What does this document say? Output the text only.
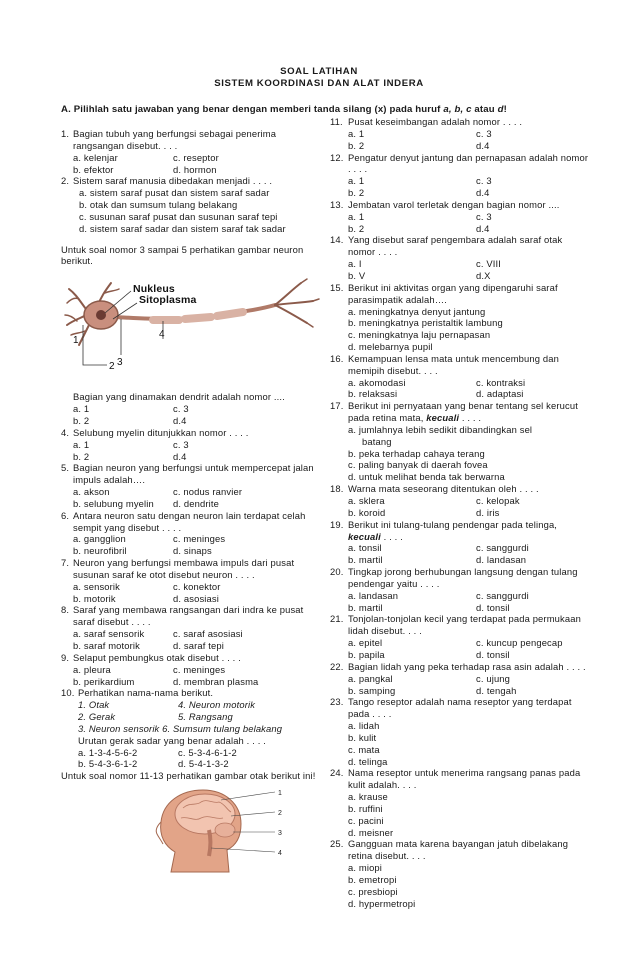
SOAL LATIHAN
SISTEM KOORDINASI DAN ALAT INDERA
A. Pilihlah satu jawaban yang benar dengan memberi tanda silang (x) pada huruf a, b, c atau d!
1. Bagian tubuh yang berfungsi sebagai penerima rangsangan disebut. . . .
a. kelenjar	c. reseptor
b. efektor	d. hormon
2. Sistem saraf manusia dibedakan menjadi . . . .
a. sistem saraf pusat dan sistem saraf sadar
b. otak dan sumsum tulang belakang
c. susunan saraf pusat dan susunan saraf tepi
d. sistem saraf sadar dan sistem saraf tak sadar
Untuk soal nomor 3 sampai 5 perhatikan gambar neuron berikut.
Nukleus
Sitoplasma
4
3
2
1
Bagian yang dinamakan dendrit adalah nomor ....
a. 1	c. 3
b. 2	d.4
4. Selubung myelin ditunjukkan nomor . . . .
a. 1	c. 3
b. 2	d.4
5. Bagian neuron yang berfungsi untuk mempercepat jalan impuls adalah….
a. akson	c. nodus ranvier
b. selubung myelin	d. dendrite
6. Antara neuron satu dengan neuron lain terdapat celah sempit yang disebut . . . .
a. gangglion	c. meninges
b. neurofibril	d. sinaps
7. Neuron yang berfungsi membawa impuls dari pusat susunan saraf ke otot disebut neuron . . . .
a. sensorik	c. konektor
b. motorik	d. asosiasi
8. Saraf yang membawa rangsangan dari indra ke pusat saraf disebut . . . .
a. saraf sensorik	c. saraf asosiasi
b. saraf motorik	d. saraf tepi
9. Selaput pembungkus otak disebut . . . .
a. pleura	c. meninges
b. perikardium	d. membran plasma
10. Perhatikan nama-nama berikut.
1. Otak	4. Neuron motorik
2. Gerak	5. Rangsang
3. Neuron sensorik 6. Sumsum tulang belakang
Urutan gerak sadar yang benar adalah . . . .
a. 1-3-4-5-6-2	c. 5-3-4-6-1-2
b. 5-4-3-6-1-2	d. 5-4-1-3-2
Untuk soal nomor 11-13 perhatikan gambar otak berikut ini!
1
2
3
4
11. Pusat keseimbangan adalah nomor . . . .
a. 1	c. 3
b. 2	d.4
12. Pengatur denyut jantung dan pernapasan adalah nomor . . . .
a. 1	c. 3
b. 2	d.4
13. Jembatan varol terletak dengan bagian nomor ....
a. 1	c. 3
b. 2	d.4
14. Yang disebut saraf pengembara adalah saraf otak nomor . . . .
a. I	c. VIII
b. V	d.X
15. Berikut ini aktivitas organ yang dipengaruhi saraf parasimpatik adalah….
a. meningkatnya denyut jantung
b. meningkatnya peristaltik lambung
c. meningkatnya laju pernapasan
d. melebarnya pupil
16. Kemampuan lensa mata untuk mencembung dan memipih disebut. . . .
a. akomodasi	c. kontraksi
b. relaksasi	d. adaptasi
17. Berikut ini pernyataan yang benar tentang sel kerucut pada retina mata, kecuali . . . .
a. jumlahnya lebih sedikit dibandingkan sel
batang
b. peka terhadap cahaya terang
c. paling banyak di daerah fovea
d. untuk melihat benda tak berwarna
18. Warna mata seseorang ditentukan oleh . . . .
a. sklera	c. kelopak
b. koroid	d. iris
19. Berikut ini tulang-tulang pendengar pada telinga, kecuali . . . .
a. tonsil	c. sanggurdi
b. martil	d. landasan
20. Tingkap jorong berhubungan langsung dengan tulang pendengar yaitu . . . .
a. landasan	c. sanggurdi
b. martil	d. tonsil
21. Tonjolan-tonjolan kecil yang terdapat pada permukaan lidah disebut. . . .
a. epitel	c. kuncup pengecap
b. papila	d. tonsil
22. Bagian lidah yang peka terhadap rasa asin adalah . . . .
a. pangkal	c. ujung
b. samping	d. tengah
23. Tango reseptor adalah nama reseptor yang terdapat pada . . . .
a. lidah
b. kulit
c. mata
d. telinga
24. Nama reseptor untuk menerima rangsang panas pada kulit adalah. . . .
a. krause
b. ruffini
c. pacini
d. meisner
25. Gangguan mata karena bayangan jatuh dibelakang retina disebut. . . .
a. miopi
b. emetropi
c. presbiopi
d. hypermetropi
